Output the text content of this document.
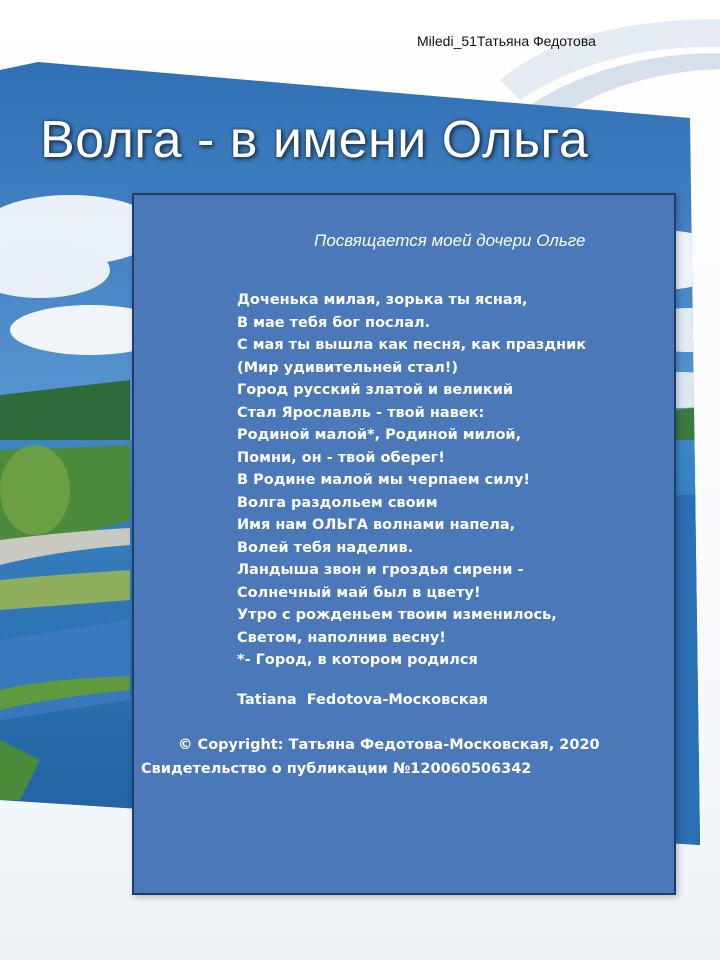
Miledi_51Татьяна Федотова
Волга - в имени Ольга
Посвящается моей дочери Ольге
Доченька милая, зорька ты ясная,
В мае тебя бог послал.
С мая ты вышла как песня, как праздник
(Мир удивительней стал!)
Город русский златой и великий
Стал Ярославль - твой навек:
Родиной малой*, Родиной милой,
Помни, он - твой оберег!
В Родине малой мы черпаем силу!
Волга раздольем своим
Имя нам ОЛЬГА волнами напела,
Волей тебя наделив.
Ландыша звон и гроздья сирени -
Солнечный май был в цвету!
Утро с рожденьем твоим изменилось,
Светом, наполнив весну!
*- Город, в котором родился
Tatiana  Fedotova-Московская
© Copyright: Татьяна Федотова-Московская, 2020
Свидетельство о публикации №120060506342
